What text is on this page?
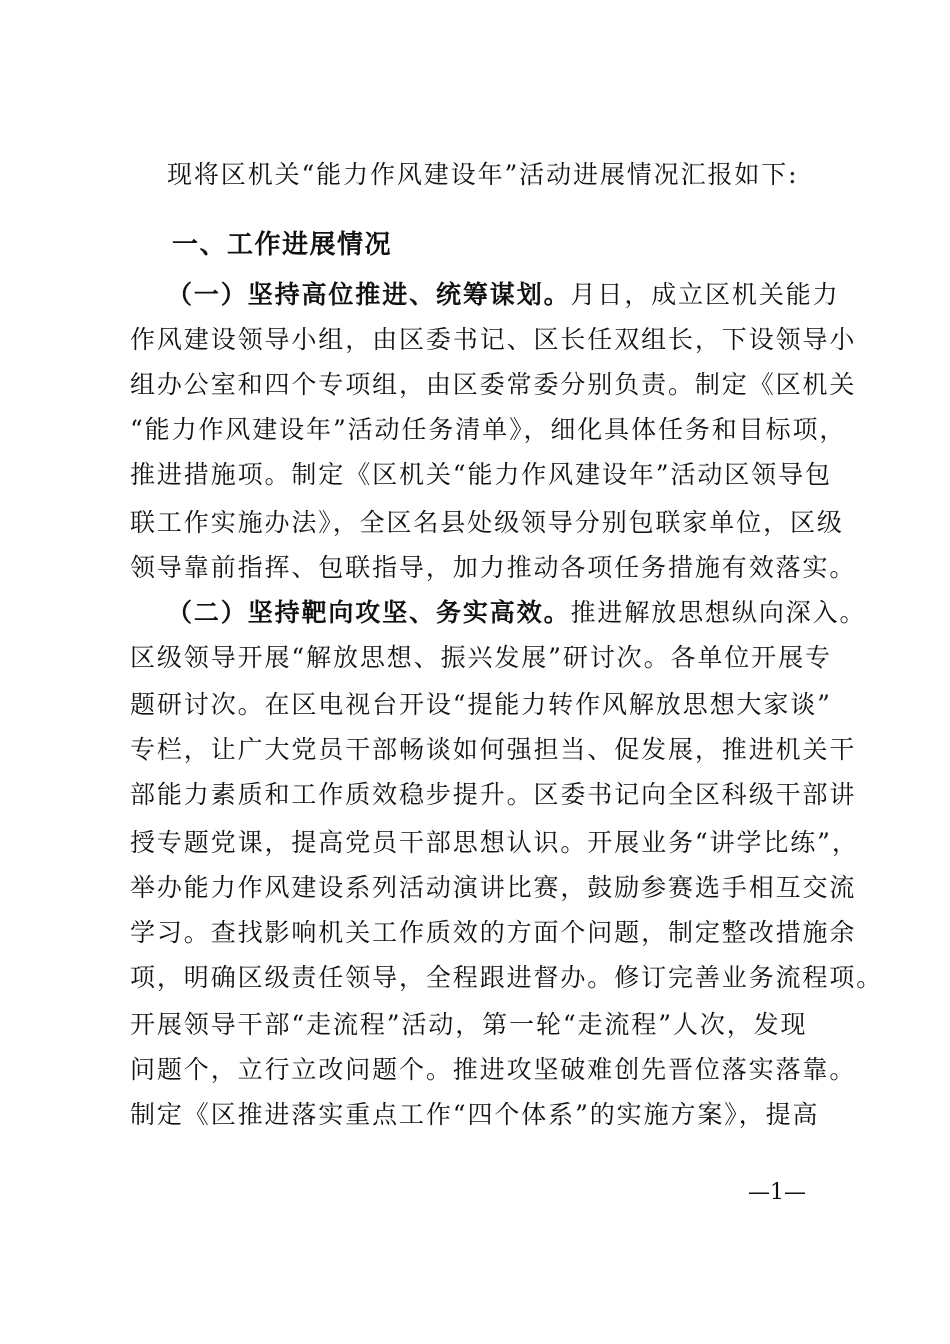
现将区机关“能力作风建设年”活动进展情况汇报如下:
一、工作进展情况
（一）坚持高位推进、统筹谋划。月日，成立区机关能力
作风建设领导小组，由区委书记、区长任双组长，下设领导小
组办公室和四个专项组，由区委常委分别负责。制定《区机关
“能力作风建设年”活动任务清单》，细化具体任务和目标项，
推进措施项。制定《区机关“能力作风建设年”活动区领导包
联工作实施办法》，全区名县处级领导分别包联家单位，区级
领导靠前指挥、包联指导，加力推动各项任务措施有效落实。
（二）坚持靶向攻坚、务实高效。推进解放思想纵向深入。
区级领导开展“解放思想、振兴发展”研讨次。各单位开展专
题研讨次。在区电视台开设“提能力转作风解放思想大家谈”
专栏，让广大党员干部畅谈如何强担当、促发展，推进机关干
部能力素质和工作质效稳步提升。区委书记向全区科级干部讲
授专题党课，提高党员干部思想认识。开展业务“讲学比练”，
举办能力作风建设系列活动演讲比赛，鼓励参赛选手相互交流
学习。查找影响机关工作质效的方面个问题，制定整改措施余
项，明确区级责任领导，全程跟进督办。修订完善业务流程项。
开展领导干部“走流程”活动，第一轮“走流程”人次，发现
问题个，立行立改问题个。推进攻坚破难创先晋位落实落靠。
制定《区推进落实重点工作“四个体系”的实施方案》，提高
—1—
